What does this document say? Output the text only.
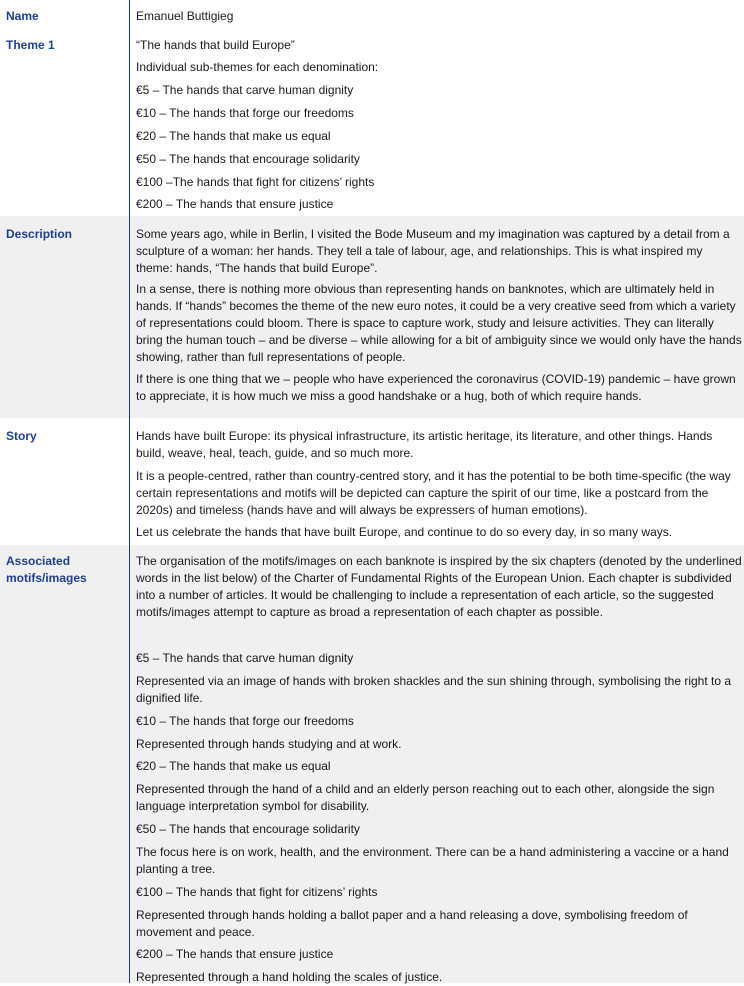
Name	Emanuel Buttigieg
Theme 1	“The hands that build Europe”
Individual sub-themes for each denomination:
€5 – The hands that carve human dignity
€10 – The hands that forge our freedoms
€20 – The hands that make us equal
€50 – The hands that encourage solidarity
€100 –The hands that fight for citizens’ rights
€200 – The hands that ensure justice
Description	Some years ago, while in Berlin, I visited the Bode Museum and my imagination was captured by a detail from a sculpture of a woman: her hands. They tell a tale of labour, age, and relationships. This is what inspired my theme: hands, “The hands that build Europe”.
In a sense, there is nothing more obvious than representing hands on banknotes, which are ultimately held in hands. If “hands” becomes the theme of the new euro notes, it could be a very creative seed from which a variety of representations could bloom. There is space to capture work, study and leisure activities. They can literally bring the human touch – and be diverse – while allowing for a bit of ambiguity since we would only have the hands showing, rather than full representations of people.
If there is one thing that we – people who have experienced the coronavirus (COVID-19) pandemic – have grown to appreciate, it is how much we miss a good handshake or a hug, both of which require hands.
Story	Hands have built Europe: its physical infrastructure, its artistic heritage, its literature, and other things. Hands build, weave, heal, teach, guide, and so much more.
It is a people-centred, rather than country-centred story, and it has the potential to be both time-specific (the way certain representations and motifs will be depicted can capture the spirit of our time, like a postcard from the 2020s) and timeless (hands have and will always be expressers of human emotions).
Let us celebrate the hands that have built Europe, and continue to do so every day, in so many ways.
Associated motifs/images
The organisation of the motifs/images on each banknote is inspired by the six chapters (denoted by the underlined words in the list below) of the Charter of Fundamental Rights of the European Union. Each chapter is subdivided into a number of articles. It would be challenging to include a representation of each article, so the suggested motifs/images attempt to capture as broad a representation of each chapter as possible.
€5 – The hands that carve human dignity
Represented via an image of hands with broken shackles and the sun shining through, symbolising the right to a dignified life.
€10 – The hands that forge our freedoms
Represented through hands studying and at work.
€20 – The hands that make us equal
Represented through the hand of a child and an elderly person reaching out to each other, alongside the sign language interpretation symbol for disability.
€50 – The hands that encourage solidarity
The focus here is on work, health, and the environment. There can be a hand administering a vaccine or a hand planting a tree.
€100 – The hands that fight for citizens’ rights
Represented through hands holding a ballot paper and a hand releasing a dove, symbolising freedom of movement and peace.
€200 – The hands that ensure justice
Represented through a hand holding the scales of justice.
